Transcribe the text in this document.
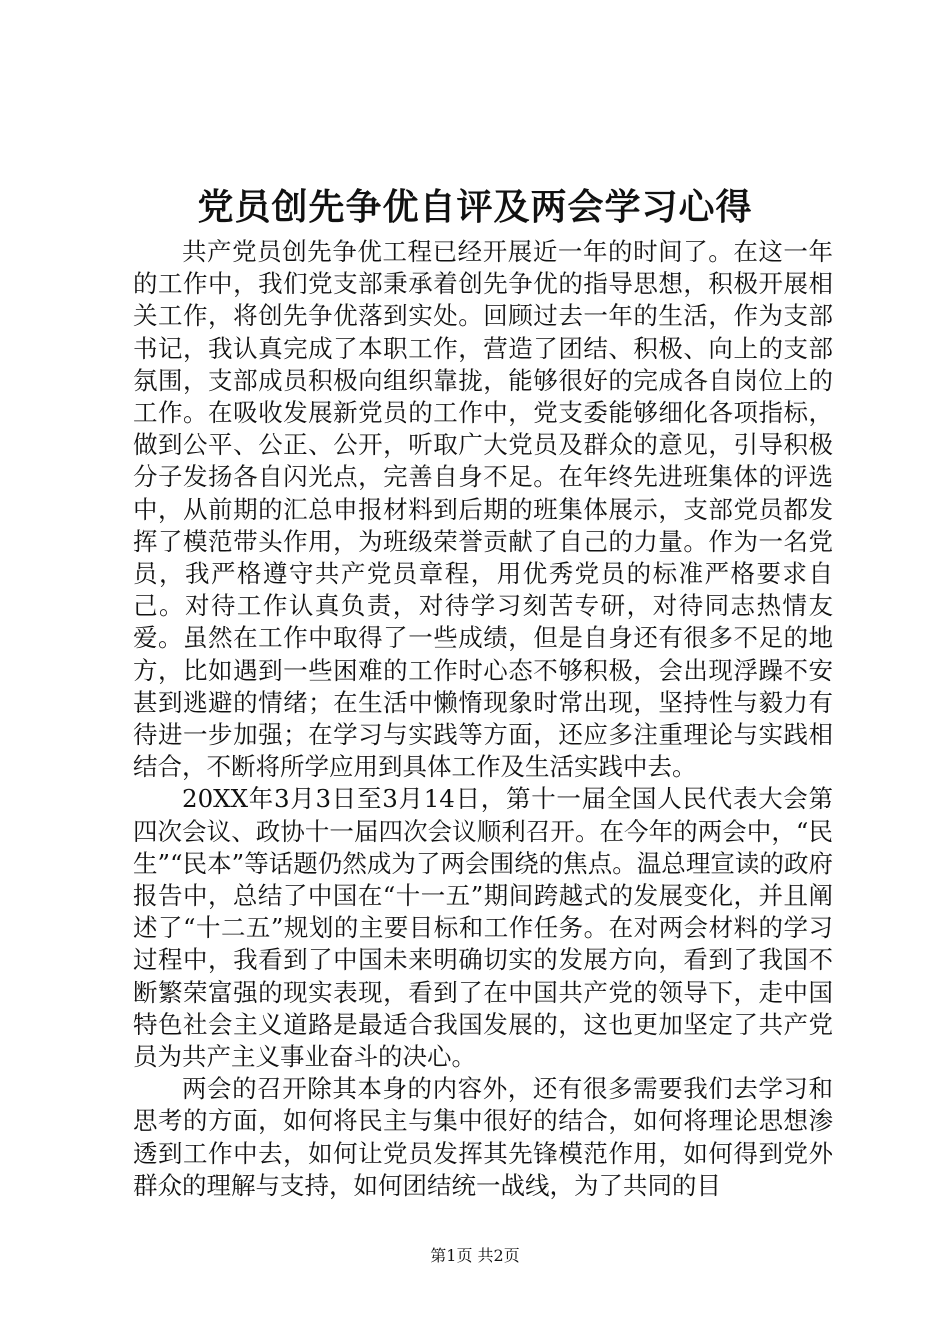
党员创先争优自评及两会学习心得

共产党员创先争优工程已经开展近一年的时间了。在这一年的工作中，我们党支部秉承着创先争优的指导思想，积极开展相关工作，将创先争优落到实处。回顾过去一年的生活，作为支部书记，我认真完成了本职工作，营造了团结、积极、向上的支部氛围，支部成员积极向组织靠拢，能够很好的完成各自岗位上的工作。在吸收发展新党员的工作中，党支委能够细化各项指标，做到公平、公正、公开，听取广大党员及群众的意见，引导积极分子发扬各自闪光点，完善自身不足。在年终先进班集体的评选中，从前期的汇总申报材料到后期的班集体展示，支部党员都发挥了模范带头作用，为班级荣誉贡献了自己的力量。作为一名党员，我严格遵守共产党员章程，用优秀党员的标准严格要求自己。对待工作认真负责，对待学习刻苦专研，对待同志热情友爱。虽然在工作中取得了一些成绩，但是自身还有很多不足的地方，比如遇到一些困难的工作时心态不够积极，会出现浮躁不安甚到逃避的情绪；在生活中懒惰现象时常出现，坚持性与毅力有待进一步加强；在学习与实践等方面，还应多注重理论与实践相结合，不断将所学应用到具体工作及生活实践中去。

20XX年3月3日至3月14日，第十一届全国人民代表大会第四次会议、政协十一届四次会议顺利召开。在今年的两会中，“民生”“民本”等话题仍然成为了两会围绕的焦点。温总理宣读的政府报告中，总结了中国在“十一五”期间跨越式的发展变化，并且阐述了“十二五”规划的主要目标和工作任务。在对两会材料的学习过程中，我看到了中国未来明确切实的发展方向，看到了我国不断繁荣富强的现实表现，看到了在中国共产党的领导下，走中国特色社会主义道路是最适合我国发展的，这也更加坚定了共产党员为共产主义事业奋斗的决心。

两会的召开除其本身的内容外，还有很多需要我们去学习和思考的方面，如何将民主与集中很好的结合，如何将理论思想渗透到工作中去，如何让党员发挥其先锋模范作用，如何得到党外群众的理解与支持，如何团结统一战线，为了共同的目

第1页 共2页
